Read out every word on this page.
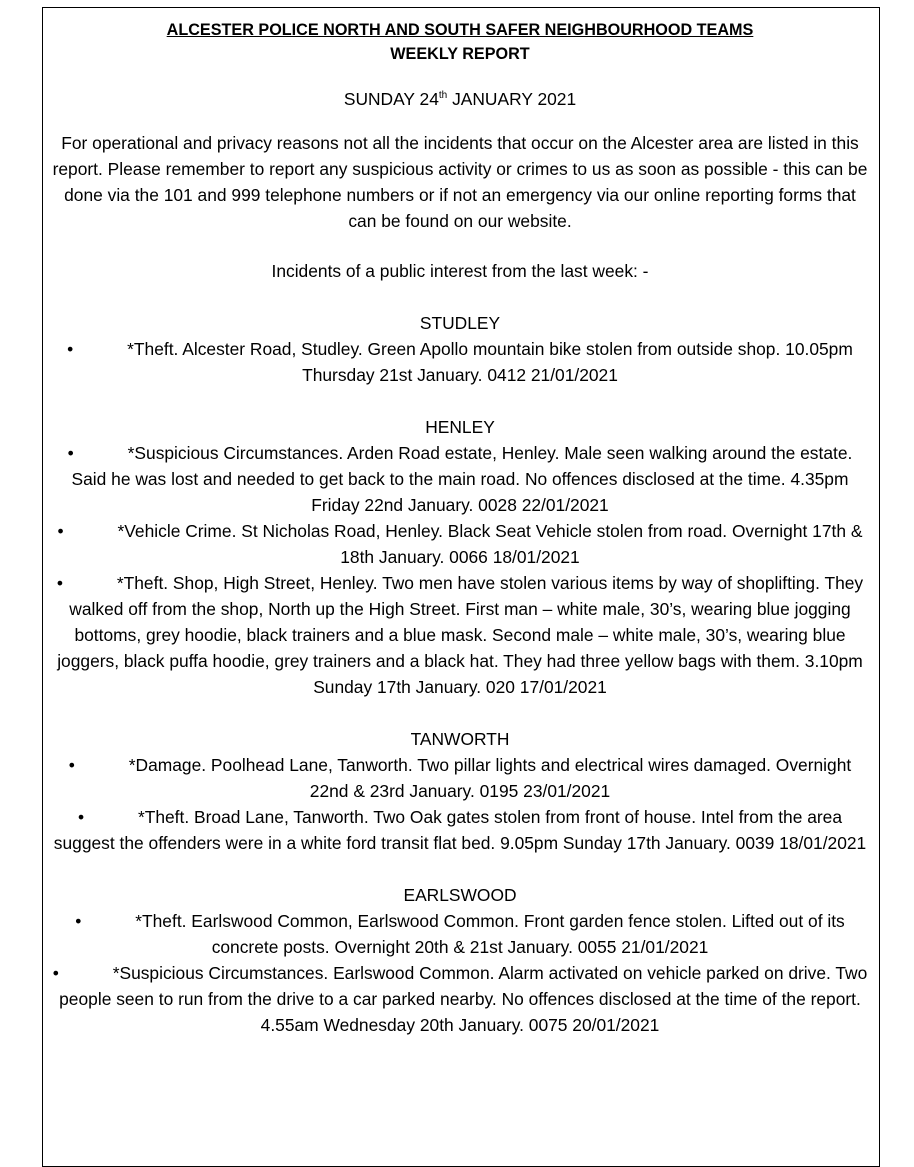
ALCESTER POLICE NORTH AND SOUTH SAFER NEIGHBOURHOOD TEAMS
WEEKLY REPORT
SUNDAY 24th JANUARY 2021
For operational and privacy reasons not all the incidents that occur on the Alcester area are listed in this report. Please remember to report any suspicious activity or crimes to us as soon as possible - this can be done via the 101 and 999 telephone numbers or if not an emergency via our online reporting forms that can be found on our website.
Incidents of a public interest from the last week: -
STUDLEY
•	*Theft. Alcester Road, Studley. Green Apollo mountain bike stolen from outside shop. 10.05pm Thursday 21st January. 0412 21/01/2021
HENLEY
•	*Suspicious Circumstances. Arden Road estate, Henley. Male seen walking around the estate. Said he was lost and needed to get back to the main road. No offences disclosed at the time. 4.35pm Friday 22nd January. 0028 22/01/2021
•	*Vehicle Crime. St Nicholas Road, Henley. Black Seat Vehicle stolen from road. Overnight 17th & 18th January. 0066 18/01/2021
•	*Theft. Shop, High Street, Henley. Two men have stolen various items by way of shoplifting. They walked off from the shop, North up the High Street. First man – white male, 30’s, wearing blue jogging bottoms, grey hoodie, black trainers and a blue mask. Second male – white male, 30’s, wearing blue joggers, black puffa hoodie, grey trainers and a black hat. They had three yellow bags with them. 3.10pm Sunday 17th January. 020 17/01/2021
TANWORTH
•	*Damage. Poolhead Lane, Tanworth. Two pillar lights and electrical wires damaged. Overnight 22nd & 23rd January. 0195 23/01/2021
•	*Theft. Broad Lane, Tanworth. Two Oak gates stolen from front of house. Intel from the area suggest the offenders were in a white ford transit flat bed. 9.05pm Sunday 17th January. 0039 18/01/2021
EARLSWOOD
•	*Theft. Earlswood Common, Earlswood Common. Front garden fence stolen. Lifted out of its concrete posts. Overnight 20th & 21st January. 0055 21/01/2021
•	*Suspicious Circumstances. Earlswood Common. Alarm activated on vehicle parked on drive. Two people seen to run from the drive to a car parked nearby. No offences disclosed at the time of the report. 4.55am Wednesday 20th January. 0075 20/01/2021
